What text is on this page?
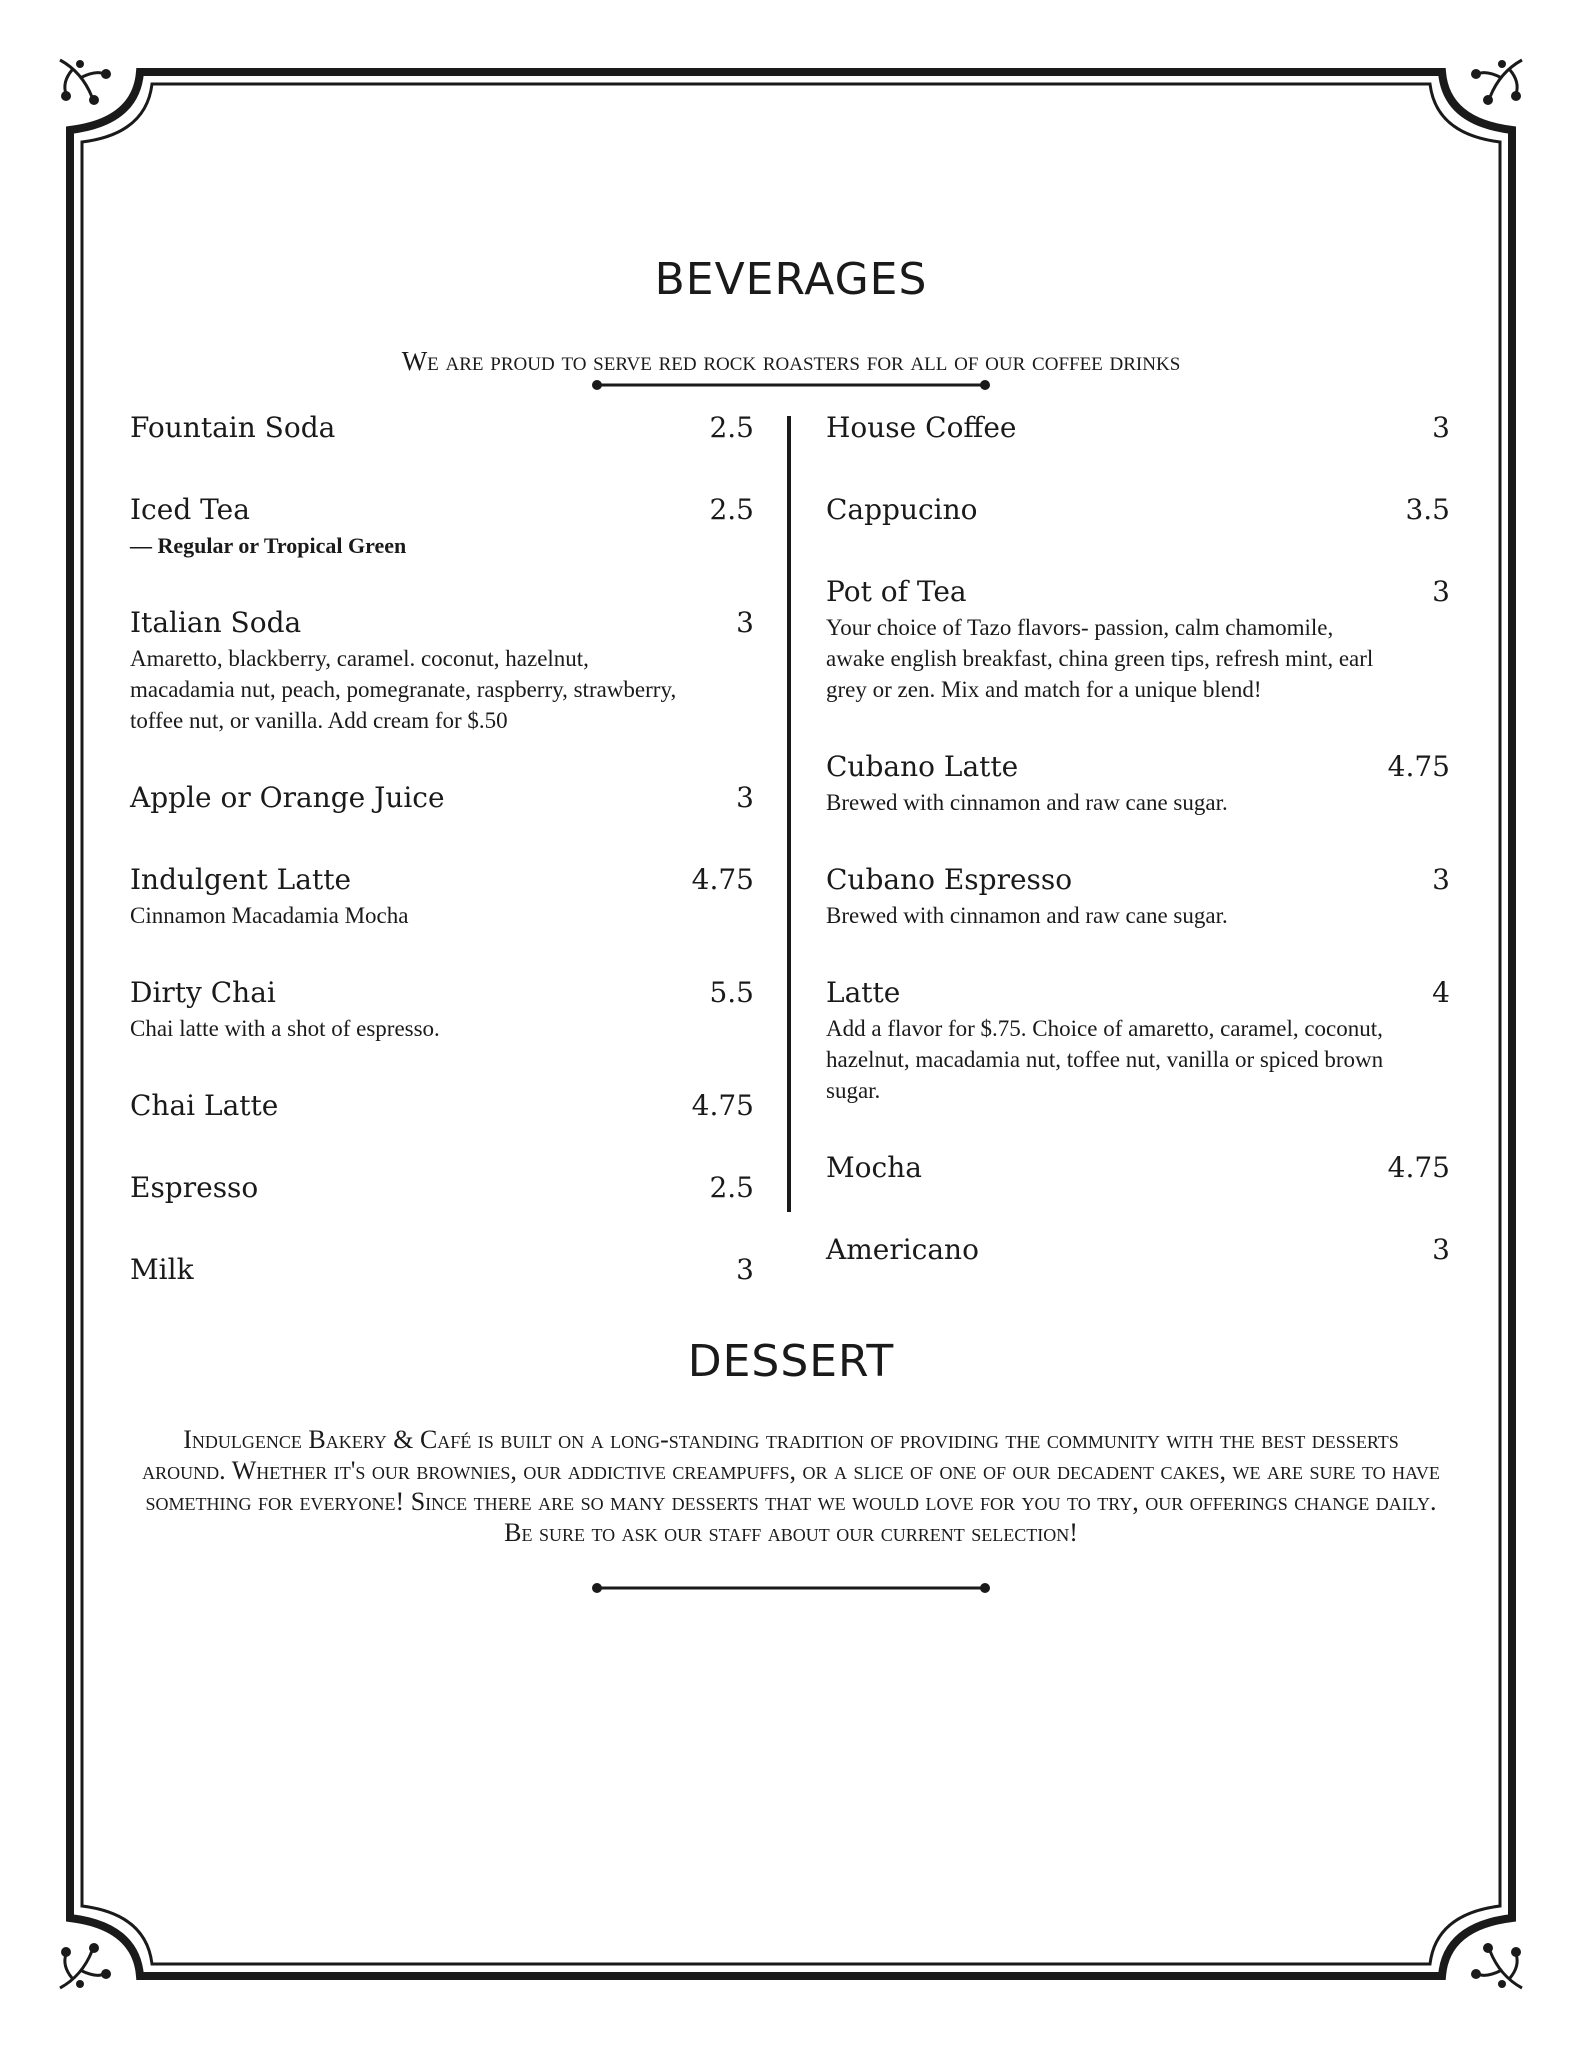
BEVERAGES
We are proud to serve red rock roasters for all of our coffee drinks
Fountain Soda	2.5
Iced Tea	2.5
— Regular or Tropical Green
Italian Soda	3
Amaretto, blackberry, caramel. coconut, hazelnut, macadamia nut, peach, pomegranate, raspberry, strawberry, toffee nut, or vanilla. Add cream for $.50
Apple or Orange Juice	3
Indulgent Latte	4.75
Cinnamon Macadamia Mocha
Dirty Chai	5.5
Chai latte with a shot of espresso.
Chai Latte	4.75
Espresso	2.5
Milk	3
House Coffee	3
Cappucino	3.5
Pot of Tea	3
Your choice of Tazo flavors- passion, calm chamomile, awake english breakfast, china green tips, refresh mint, earl grey or zen. Mix and match for a unique blend!
Cubano Latte	4.75
Brewed with cinnamon and raw cane sugar.
Cubano Espresso	3
Brewed with cinnamon and raw cane sugar.
Latte	4
Add a flavor for $.75. Choice of amaretto, caramel, coconut, hazelnut, macadamia nut, toffee nut, vanilla or spiced brown sugar.
Mocha	4.75
Americano	3
DESSERT
Indulgence Bakery & Café is built on a long-standing tradition of providing the community with the best desserts around. Whether it's our brownies, our addictive creampuffs, or a slice of one of our decadent cakes, we are sure to have something for everyone! Since there are so many desserts that we would love for you to try, our offerings change daily. Be sure to ask our staff about our current selection!
